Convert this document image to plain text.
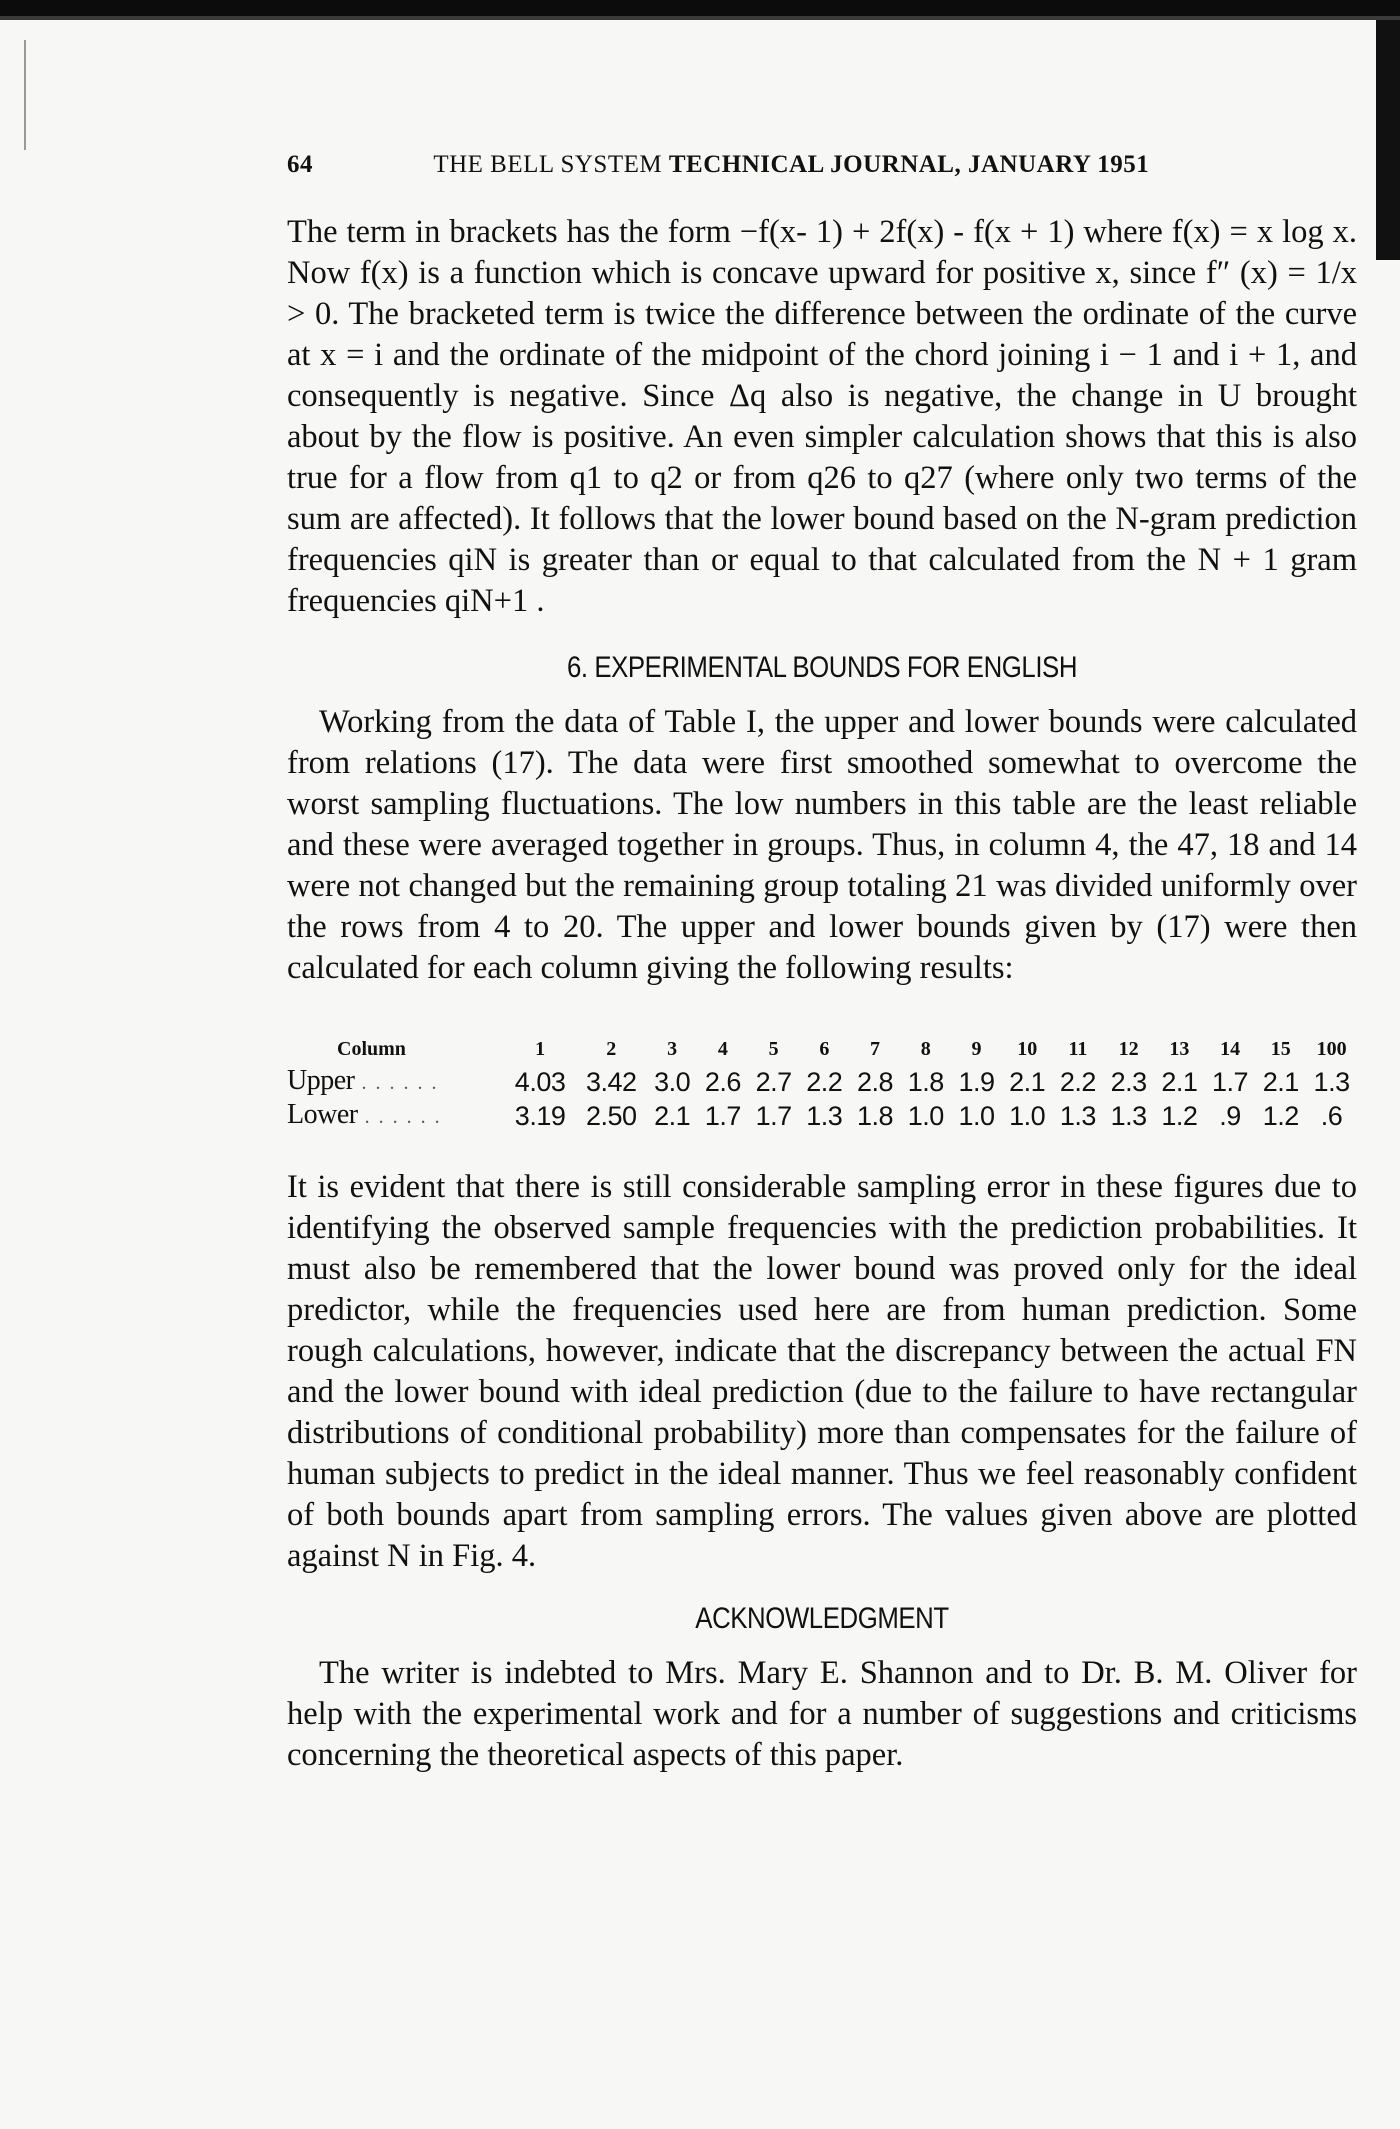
64	THE BELL SYSTEM TECHNICAL JOURNAL, JANUARY 1951

The term in brackets has the form −f(x- 1) + 2f(x) - f(x + 1) where f(x) = x log x. Now f(x) is a function which is concave upward for positive x, since f″ (x) = 1/x > 0. The bracketed term is twice the difference between the ordinate of the curve at x = i and the ordinate of the midpoint of the chord joining i − 1 and i + 1, and consequently is negative. Since Δq also is negative, the change in U brought about by the flow is positive. An even simpler calculation shows that this is also true for a flow from q1 to q2 or from q26 to q27 (where only two terms of the sum are affected). It follows that the lower bound based on the N-gram prediction frequencies qiN is greater than or equal to that calculated from the N + 1 gram frequencies qiN+1 .

6. EXPERIMENTAL BOUNDS FOR ENGLISH

Working from the data of Table I, the upper and lower bounds were calculated from relations (17). The data were first smoothed somewhat to overcome the worst sampling fluctuations. The low numbers in this table are the least reliable and these were averaged together in groups. Thus, in column 4, the 47, 18 and 14 were not changed but the remaining group totaling 21 was divided uniformly over the rows from 4 to 20. The upper and lower bounds given by (17) were then calculated for each column giving the following results:

Column	1	2	3	4	5	6	7	8	9	10	11	12	13	14	15	100
Upper . . . . . .	4.03	3.42	3.0	2.6	2.7	2.2	2.8	1.8	1.9	2.1	2.2	2.3	2.1	1.7	2.1	1.3
Lower . . . . . .	3.19	2.50	2.1	1.7	1.7	1.3	1.8	1.0	1.0	1.0	1.3	1.3	1.2	.9	1.2	.6

It is evident that there is still considerable sampling error in these figures due to identifying the observed sample frequencies with the prediction probabilities. It must also be remembered that the lower bound was proved only for the ideal predictor, while the frequencies used here are from human prediction. Some rough calculations, however, indicate that the discrepancy between the actual FN and the lower bound with ideal prediction (due to the failure to have rectangular distributions of conditional probability) more than compensates for the failure of human subjects to predict in the ideal manner. Thus we feel reasonably confident of both bounds apart from sampling errors. The values given above are plotted against N in Fig. 4.

ACKNOWLEDGMENT

The writer is indebted to Mrs. Mary E. Shannon and to Dr. B. M. Oliver for help with the experimental work and for a number of suggestions and criticisms concerning the theoretical aspects of this paper.
